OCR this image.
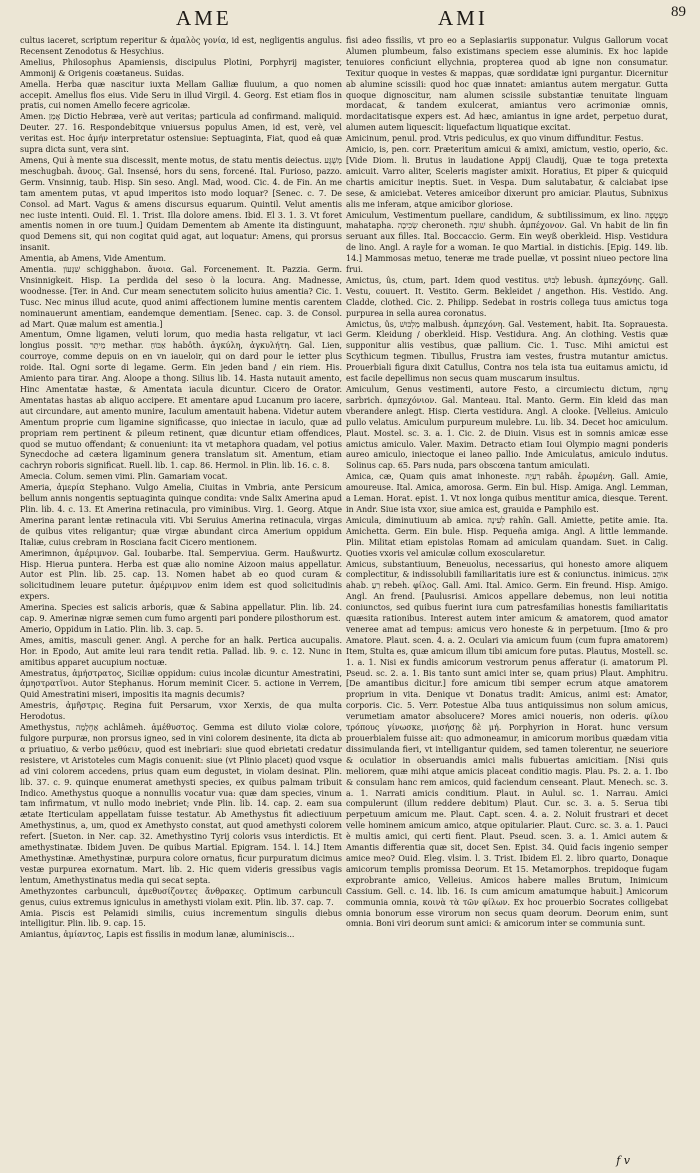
AME	AMI	89

cultus iaceret, scriptum reperitur & ἀμαλὸς γονία, id est, negligentis angulus. Recensent Zenodotus & Hesychius.

Amelius, Philosophus Apamiensis, discipulus Plotini, Porphyrij magister, Ammonij & Origenis coætaneus. Suidas.

Amella. Herba quæ nascitur iuxta Mellam Galliæ fluuium, a quo nomen accepit. Amellus flos eius. Vide Seru in illud Virgil. 4. Georg. Est etiam flos in pratis, cui nomen Amello fecere agricolæ.

Amen. אָמֵן Dictio Hebræa, verè aut veritas; particula ad confirmand. maliquid. Deuter. 27. 16. Respondebitque vniuersus populus Amen, id est, verè, vel veritas est. Hoc ἀμήν interpretatur ostensiue: Septuaginta, Fiat, quod eâ quæ supra dicta sunt, vera sint.

Amens, Qui à mente sua discessit, mente motus, de statu mentis deiectus. מְשֻׁגָּע meschugbah. ἄνους. Gal. Insensé, hors du sens, forcené. Ital. Furioso, pazzo. Germ. Vnsinnig, taub. Hisp. Sin seso. Angl. Mad, wood. Cic. 4. de Fin. An me tam amentem putas, vt apud imperitos isto modo loquar? [Senec. c. 7. De Consol. ad Mart. Vagus & amens discursus equarum. Quintil. Velut amentis nec iuste intenti. Ouid. El. 1. Trist. Illa dolore amens. Ibid. El 3. 1. 3. Vt foret amentis nomen in ore tuum.] Quidam Dementem ab Amente ita distinguunt, quod Demens sit, qui non cogitat quid agat, aut loquatur: Amens, qui prorsus insanit.

Amentia, ab Amens, Vide Amentum.

Amentia. שִׁגָּעוֹן schigghabon. ἄνοια. Gal. Forcenement. It. Pazzia. Germ. Vnsinnigkeit. Hisp. La perdida del seso ò la locura. Ang. Madnesse, woodnesse. [Ter. in And. Cur meam senectutem solicito huius amentia? Cic. 1. Tusc. Nec minus illud acute, quod animi affectionem lumine mentis carentem nominauerunt amentiam, eandemque dementiam. [Senec. cap. 3. de Consol. ad Mart. Quæ malum est amentia.]

Amentum, Omne ligamen, veluti lorum, quo media hasta religatur, vt iaci longius possit. מֵיתַר methar. אַבּוֹחַ habôth. ἀγκύλη, ἀγκυλήτη. Gal. Lien, courroye, comme depuis on en vn iaueloir, qui on dard pour le ietter plus roide. Ital. Ogni sorte di legame. Germ. Ein jeden band / ein riem. His. Amiento para tirar. Ang. Aloope a thong. Silius lib. 14. Hasta nutauit amento, Hinc Amentatæ hastæ, & Amentata iacula dicuntur. Cicero de Orator. Amentatas hastas ab aliquo accipere. Et amentare apud Lucanum pro iacere, aut circundare, aut amento munire, Iaculum amentauit habena. Videtur autem Amentum proprie cum ligamine significasse, quo iniectae in iaculo, quæ ad propriam rem pertinent & pileum retinent, quæ dicuntur etiam offendices, quod se mutuo offendant; & conueniunt: ita vt metaphora quadam, vel potius Synecdoche ad cætera ligaminum genera translatum sit. Amentum, etiam cachryn roboris significat. Ruell. lib. 1. cap. 86. Hermol. in Plin. lib. 16. c. 8.

Amecia. Colum. semen vimi. Plin. Gamariam vocat.

Ameria, ἀμερία Stephano. Vulgo Amelia, Ciuitas in Vmbria, ante Persicum bellum annis nongentis septuaginta quinque condita: vnde Salix Amerina apud Plin. lib. 4. c. 13. Et Amerina retinacula, pro viminibus. Virg. 1. Georg. Atque Amerina parant lentæ retinacula viti. Vbi Seruius Amerina retinacula, virgas de quibus vites religantur; quæ virgæ abundant circa Amerium oppidum Italiæ, cuius crebram in Rosciana facit Cicero mentionem.

Amerimnon, ἀμέριμνον. Gal. Ioubarbe. Ital. Semperviua. Germ. Haußwurtz. Hisp. Hierua puntera. Herba est quæ alio nomine Aizoon maius appellatur. Autor est Plin. lib. 25. cap. 13. Nomen habet ab eo quod curam & solicitudinem leuare putetur. ἀμέριμνον enim idem est quod solicitudinis expers.

Amerina. Species est salicis arboris, quæ & Sabina appellatur. Plin. lib. 24. cap. 9. Amerinæ nigræ semen cum fumo argenti pari pondere pilosthorum est.

Amerio, Oppidum in Latio. Plin. lib. 3. cap. 5.

Ames, amitis, masculi gener. Angl. A perche for an halk. Pertica aucupalis. Hor. in Epodo, Aut amite leui rara tendit retia. Pallad. lib. 9. c. 12. Nunc in amitibus apparet aucupium noctuæ.

Amestratus, ἀμήστρατος, Siciliæ oppidum: cuius incolæ dicuntur Amestratini, ἀμηστρατῖνοι. Autor Stephanus. Horum meminit Cicer. 5. actione in Verrem, Quid Amestratini miseri, impositis ita magnis decumis?

Amestris, ἀμῆστρις. Regina fuit Persarum, vxor Xerxis, de qua multa Herodotus.

Amethystus, אַחְלָמָה achlâmeh. ἀμέθυστος. Gemma est diluto violæ colore, fulgore purpuræ, non prorsus igneo, sed in vini colorem desinente, ita dicta ab α priuatiuo, & verbo μεθύειν, quod est inebriari: siue quod ebrietati credatur resistere, vt Aristoteles cum Magis conuenit: siue (vt Plinio placet) quod vsque ad vini colorem accedens, prius quam eum degustet, in violam desinat. Plin. lib. 37. c. 9. quinque enumerat amethysti species, ex quibus palmam tribuit Indico. Amethystus quoque a nonnullis vocatur vua: quæ dam species, vinum tam infirmatum, vt nullo modo inebriet; vnde Plin. lib. 14. cap. 2. eam sua ætate Iterticulam appellatam fuisse testatur. Ab Amethystus fit adiectiuum Amethystinus, a, um, quod ex Amethysto constat, aut quod amethysti colorem refert. [Sueton. in Ner. cap. 32. Amethystino Tyrij coloris vsus interdictis. Et amethystinatæ. Ibidem Juven. De quibus Martial. Epigram. 154. l. 14.] Item Amethystinæ. Amethystinæ, purpura colore ornatus, ficur purpuratum dicimus vestæ purpurea exornatum. Mart. lib. 2. Hic quem videris gressibus vagis lentum, Amethystinatus media qui secat septa.

Amethyzontes carbunculi, ἀμεθυσίζοντες ἄνθρακες. Optimum carbunculi genus, cuius extremus igniculus in amethysti violam exit. Plin. lib. 37. cap. 7.

Amia. Piscis est Pelamidi similis, cuius incrementum singulis diebus intelligitur. Plin. lib. 9. cap. 15.

Amiantus, ἀμίαντος, Lapis est fissilis in modum lanæ, aluminiscis...

fisi adeo fissilis, vt pro eo a Seplasiariis supponatur. Vulgus Gallorum vocat Alumen plumbeum, falso existimans speciem esse aluminis. Ex hoc lapide tenuiores conficiunt ellychnia, propterea quod ab igne non consumatur. Texitur quoque in vestes & mappas, quæ sordidatæ igni purgantur. Dicernitur ab alumine scissili: quod hoc quæ innatet: amiantus autem mergatur. Gutta quoque dignoscitur, nam alumen scissile substantiæ tenuitate linguam mordacat, & tandem exulcerat, amiantus vero acrimoniæ omnis, mordacitatisque expers est. Ad hæc, amiantus in igne ardet, perpetuo durat, alumen autem liquescit: liquefactum liquatique excitat.

Amicinum, penul. prod. Vtris pediculus, ex quo vinum diffunditur. Festus.

Amicio, is, pen. corr. Præteritum amicui & amixi, amictum, vestio, operio, &c. [Vide Diom. li. Brutus in laudatione Appij Claudij, Quæ te toga pretexta amicuit. Varro aliter, Sceleris magister amixit. Horatius, Et piper & quicquid chartis amicitur ineptis. Suet. in Vespa. Dum salutabatur, & calciabat ipse sese, & amiciebat. Veteres amiceibor dixerunt pro amiciar. Plautus, Subnixus alis me inferam, atque amicibor gloriose.

Amiculum, Vestimentum puellare, candidum, & subtilissimum, ex lino. מַעֲטָפָה mahatapha. שְׂכִיכָה cheroneth. שׁוּבָה shubh. ἀμπέχονον. Gal. Vn habit de lin fin seruant aux filles. Ital. Boccaccio. Germ. Ein weyß oberkleid. Hisp. Vestidura de lino. Angl. A rayle for a woman. Ie quo Martial. in distichis. [Epig. 149. lib. 14.] Mammosas metuo, teneræ me trade puellæ, vt possint niueo pectore lina frui.

Amictus, ûs, ctum, part. Idem quod vestitus. לְבוּשׁ lebush. ἀμπεχόνης. Gall. Vestu, couuert. It. Vestito. Germ. Bekleidet / angethon. His. Vestido. Ang. Cladde, clothed. Cic. 2. Philipp. Sedebat in rostris collega tuus amictus toga purpurea in sella aurea coronatus.

Amictus, ûs, מַלְבּוּשׁ malbush. ἀμπεχόνη. Gal. Vestement, habit. Ita. Soprauesta. Germ. Kleidung / oberkleid. Hisp. Vestidura. Ang. An clothing. Vestis quæ supponitur aliis vestibus, quæ pallium. Cic. 1. Tusc. Mihi amictui est Scythicum tegmen. Tibullus, Frustra iam vestes, frustra mutantur amictus. Prouerbiali figura dixit Catullus, Contra nos tela ista tua euitamus amictu, id est facile depellimus non secus quam muscarum insultus.

Amiculum, Genus vestimenti, autore Festo, a circumiectu dictum, עֲרוּפָה sarbrich. ἀμπεχόνιον. Gal. Manteau. Ital. Manto. Germ. Ein kleid das man vberandere anlegt. Hisp. Cierta vestidura. Angl. A clooke. [Velleius. Amiculo pullo velatus. Amiculum purpureum mulebre. Lu. lib. 34. Decet hoc amiculum. Plaut. Mostel. sc. 3. a. 1. Cic. 2. de Diuin. Visus est in somnis amicæ esse amictus amiculo. Valer. Maxim. Detracto etiam Ioui Olympio magni ponderis aureo amiculo, iniectoque ei laneo pallio. Inde Amiculatus, amiculo indutus. Solinus cap. 65. Pars nuda, pars obscœna tantum amiculati.

Amica, cæ, Quam quis amat inhoneste. רַעְיָה rabâh. ἐρωμένη. Gall. Amie, amoureuse. Ital. Amica, amorosa. Germ. Ein bul. Hisp. Amiga. Angl. Lemman, a Leman. Horat. epist. 1. Vt nox longa quibus mentitur amica, diesque. Terent. in Andr. Siue ista vxor, siue amica est, grauida e Pamphilo est.

Amicula, diminutiuum ab amica. לְעִינָה rahîn. Gall. Amiette, petite amie. Ita. Amichetta. Germ. Ein bule. Hisp. Pequeña amiga. Angl. A little lemmande. Plin. Militat etiam epistolas Romam ad amiculam quandam. Suet. in Calig. Quoties vxoris vel amiculæ collum exoscularetur.

Amicus, substantiuum, Beneuolus, necessarius, qui honesto amore aliquem complectitur, & indissolubili familiaritatis iure est & coniunctus. inimicus. אוֹהֵב ahab. רֵעַ rebeh. φίλος. Gall. Ami. Ital. Amico. Germ. Ein freund. Hisp. Amigo. Angl. An frend. [Paulusrisi. Amicos appellare debemus, non leui notitia coniunctos, sed quibus fuerint iura cum patresfamilias honestis familiaritatis quæsita rationibus. Interest autem inter amicum & amatorem, quod amator veneree amat ad tempus: amicus vero honeste & in perpetuum. [Imo & pro Amatore. Plaut. scen. 4. a. 2. Oculari via amicum fuum (cum fupra amatorem) Item, Stulta es, quæ amicum illum tibi amicum fore putas. Plautus, Mostell. sc. 1. a. 1. Nisi ex fundis amicorum vestrorum penus afferatur (i. amatorum Pl. Pseud. sc. 2. a. 1. Bis tanto sunt amici inter se, quam prius) Plaut. Amphitru. [De amantibus dicitur.] fore amicum tibi semper ecrum atque amatorem proprium in vita. Denique vt Donatus tradit: Amicus, animi est: Amator, corporis. Cic. 5. Verr. Potestue Alba tuus antiquissimus non solum amicus, verumetiam amator absolucere? Mores amici noueris, non oderis. φίλου τρόπους γίνωσκε, μισήσῃς δὲ μή. Porphyrion in Horat. hunc versum prouerbialem fuisse ait: quo admoneamur, in amicorum moribus quædam vitia dissimulanda fieri, vt intelligantur quidem, sed tamen tolerentur, ne seueriore & oculatior in obseruandis amici malis fubuertas amicitiam. [Nisi quis meliorem, quæ mihi atque amicis placeat conditio magis. Plau. Ps. 2. a. 1. Ibo & consulam hanc rem amicos, quid faciendum censeant. Plaut. Menech. sc. 3. a. 1. Narrati amicis conditium. Plaut. in Aulul. sc. 1. Narrau. Amici compulerunt (illum reddere debitum) Plaut. Cur. sc. 3. a. 5. Serua tibi perpetuum amicum me. Plaut. Capt. scen. 4. a. 2. Noluit frustrari et decet velle hominem amicum amico, atque opitularier. Plaut. Curc. sc. 3. a. 1. Pauci è multis amici, qui certi fient. Plaut. Pseud. scen. 3. a. 1. Amici autem & Amantis differentia quæ sit, docet Sen. Epist. 34. Quid facis ingenio semper amice meo? Ouid. Eleg. vlsim. l. 3. Trist. Ibidem El. 2. libro quarto, Donaque amicorum templis promissa Deorum. Et 15. Metamorphos. trepidoque fugam exprobrante amico, Velleius. Amicos habere malles Brutum, Inimicum Cassium. Gell. c. 14. lib. 16. Is cum amicum amatumque habuit.] Amicorum communia omnia, κοινὰ τὰ τῶν φίλων. Ex hoc prouerbio Socrates colligebat omnia bonorum esse virorum non secus quam deorum. Deorum enim, sunt omnia. Boni viri deorum sunt amici: & amicorum inter se communia sunt.

f v
